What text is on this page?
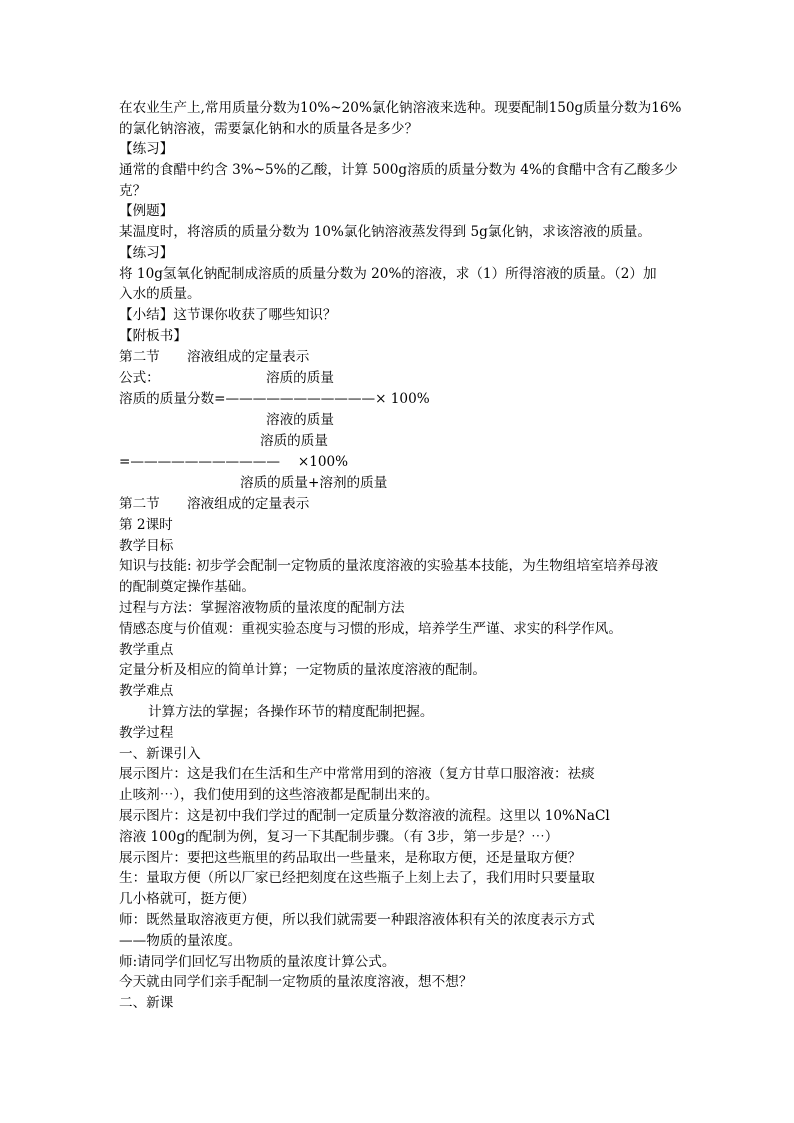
在农业生产上,常用质量分数为10%~20%氯化钠溶液来选种。现要配制150g质量分数为16%
的氯化钠溶液，需要氯化钠和水的质量各是多少？
【练习】
通常的食醋中约含 3%~5%的乙酸，计算 500g溶质的质量分数为 4%的食醋中含有乙酸多少
克？
【例题】
某温度时，将溶质的质量分数为 10%氯化钠溶液蒸发得到 5g氯化钠，求该溶液的质量。
【练习】
将 10g氢氧化钠配制成溶质的质量分数为 20%的溶液，求（1）所得溶液的质量。（2）加
入水的质量。
【小结】这节课你收获了哪些知识？
【附板书】
第二节　　溶液组成的定量表示
公式：	溶质的质量
溶质的质量分数=———————————× 100%
溶液的质量
溶质的质量
=———————————　 ×100%
溶质的质量+溶剂的质量
第二节　　溶液组成的定量表示
第 2课时
教学目标
知识与技能: 初步学会配制一定物质的量浓度溶液的实验基本技能，为生物组培室培养母液
的配制奠定操作基础。
过程与方法：掌握溶液物质的量浓度的配制方法
情感态度与价值观：重视实验态度与习惯的形成，培养学生严谨、求实的科学作风。
教学重点
定量分析及相应的简单计算；一定物质的量浓度溶液的配制。
教学难点
计算方法的掌握；各操作环节的精度配制把握。
教学过程
一、新课引入
展示图片：这是我们在生活和生产中常常用到的溶液（复方甘草口服溶液：祛痰
止咳剂⋯），我们使用到的这些溶液都是配制出来的。
展示图片：这是初中我们学过的配制一定质量分数溶液的流程。这里以 10%NaCl
溶液 100g的配制为例，复习一下其配制步骤。（有 3步，第一步是？⋯）
展示图片：要把这些瓶里的药品取出一些量来，是称取方便，还是量取方便？
生：量取方便（所以厂家已经把刻度在这些瓶子上刻上去了，我们用时只要量取
几小格就可，挺方便）
师：既然量取溶液更方便，所以我们就需要一种跟溶液体积有关的浓度表示方式
——物质的量浓度。
师:请同学们回忆写出物质的量浓度计算公式。
今天就由同学们亲手配制一定物质的量浓度溶液，想不想？
二、新课
